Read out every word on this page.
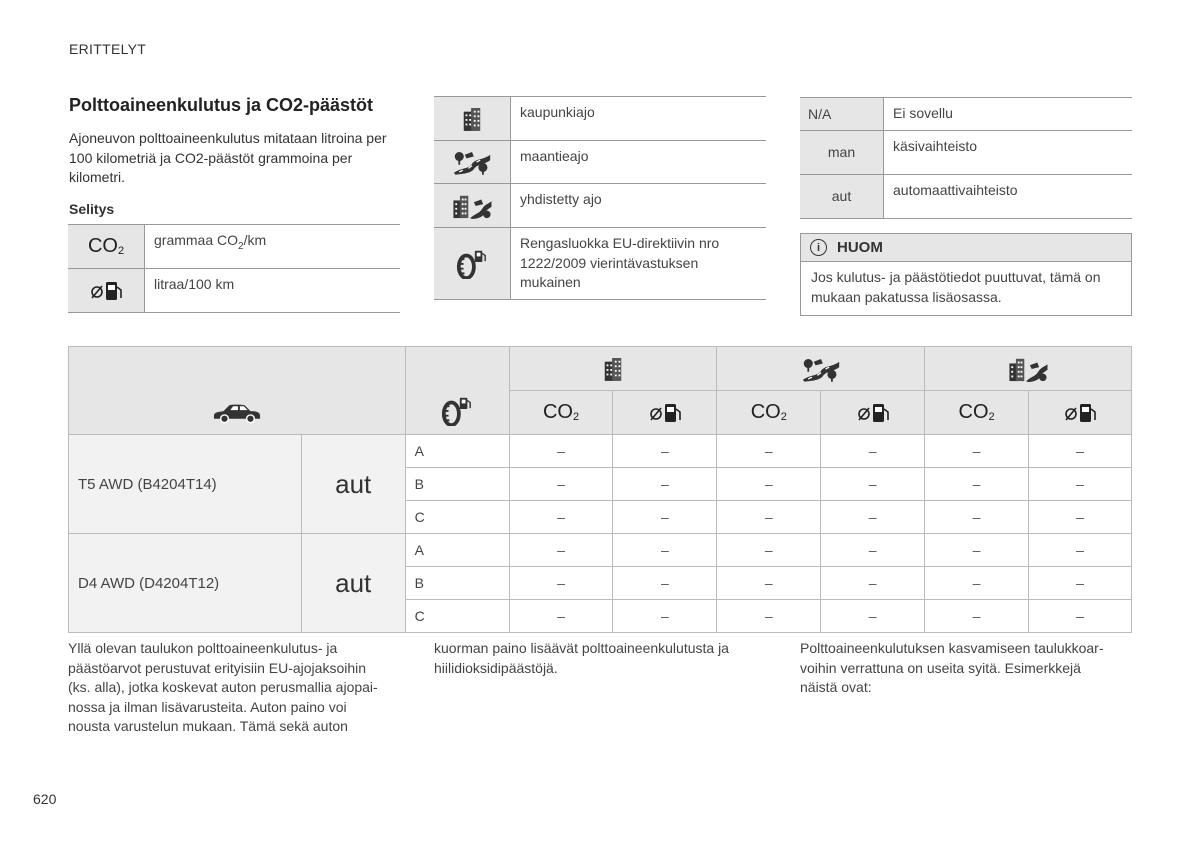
ERITTELYT
Polttoaineenkulutus ja CO2-päästöt
Ajoneuvon polttoaineenkulutus mitataan litroina per 100 kilometriä ja CO2-päästöt grammoina per kilometri.
Selitys
$CO_2$	grammaa $CO_2/km$
	litraa/100 km
	kaupunkiajo
	maantieajo
	yhdistetty ajo
	Rengasluokka EU-direktiivin nro 1222/2009 vierintävastuksen mukainen
N/A	Ei sovellu
man	käsivaihteisto
aut	automaattivaihteisto
i	HUOM
Jos kulutus- ja päästötiedot puuttuvat, tämä on mukaan pakatussa lisäosassa.

			$CO_2$		$CO_2$		$CO_2$	
T5 AWD (B4204T14)	aut	A	–	–	–	–	–	–
		B	–	–	–	–	–	–
		C	–	–	–	–	–	–
D4 AWD (D4204T12)	aut	A	–	–	–	–	–	–
		B	–	–	–	–	–	–
		C	–	–	–	–	–	–
Yllä olevan taulukon polttoaineenkulutus- ja
päästöarvot perustuvat erityisiin EU-ajojaksoihin
(ks. alla), jotka koskevat auton perusmallia ajopai-
nossa ja ilman lisävarusteita. Auton paino voi
nousta varustelun mukaan. Tämä sekä auton
kuorman paino lisäävät polttoaineenkulutusta ja
hiilidioksidipäästöjä.
Polttoaineenkulutuksen kasvamiseen taulukkoar-
voihin verrattuna on useita syitä. Esimerkkejä
näistä ovat:
620
